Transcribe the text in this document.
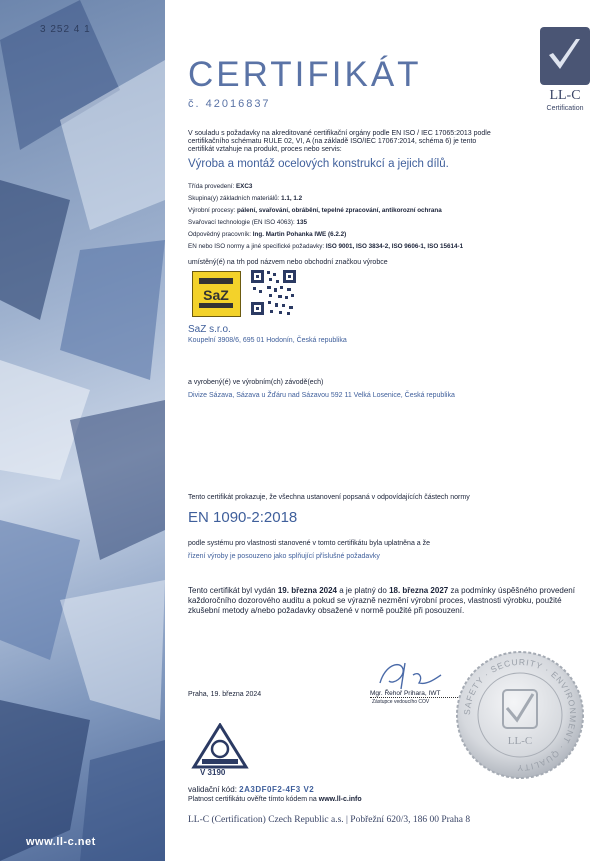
3 252 4 1
www.ll-c.net
LL-C
Certification
CERTIFIKÁT
č. 42016837
V souladu s požadavky na akreditované certifikační orgány podle EN ISO / IEC 17065:2013 podle
certifikačního schématu RULE 02, VI, A (na základě ISO/IEC 17067:2014, schéma 6) je tento
certifikát vztahuje na produkt, proces nebo servis:
Výroba a montáž ocelových konstrukcí a jejich dílů.
Třída provedení: EXC3
Skupina(y) základních materiálů: 1.1, 1.2
Výrobní procesy: pálení, svařování, obrábění, tepelné zpracování, antikorozní ochrana
Svařovací technologie (EN ISO 4063): 135
Odpovědný pracovník: Ing. Martin Pohanka IWE (6.2.2)
EN nebo ISO normy a jiné specifické požadavky: ISO 9001, ISO 3834-2, ISO 9606-1, ISO 15614-1
umístěný(é) na trh pod názvem nebo obchodní značkou výrobce
SaZ
SaZ s.r.o.
Koupelní 3908/6, 695 01 Hodonín, Česká republika
a vyrobený(é) ve výrobním(ch) závodě(ech)
Divize Sázava, Sázava u Žďáru nad Sázavou 592 11 Velká Losenice, Česká republika
Tento certifikát prokazuje, že všechna ustanovení popsaná v odpovídajících částech normy
EN 1090-2:2018
podle systému pro vlastnosti stanovené v tomto certifikátu byla uplatněna a že
řízení výroby je posouzeno jako splňující příslušné požadavky
Tento certifikát byl vydán 19. března 2024 a je platný do 18. března 2027 za podmínky úspěšného provedení každoročního dozorového auditu a pokud se výrazně nezmění výrobní proces, vlastnosti výrobku, použité zkušební metody a/nebo požadavky obsažené v normě použité při posouzení.
Praha, 19. března 2024	Mgr. Řehoř Prihara, IWT
Zástupce vedoucího COV
SAFETY · SECURITY · ENVIRONMENT · QUALITY
LL-C
V 3190
validační kód: 2A3DF0F2-4F3 V2
Platnost certifikátu ověřte tímto kódem na www.ll-c.info
LL-C (Certification) Czech Republic a.s. | Pobřežní 620/3, 186 00 Praha 8
